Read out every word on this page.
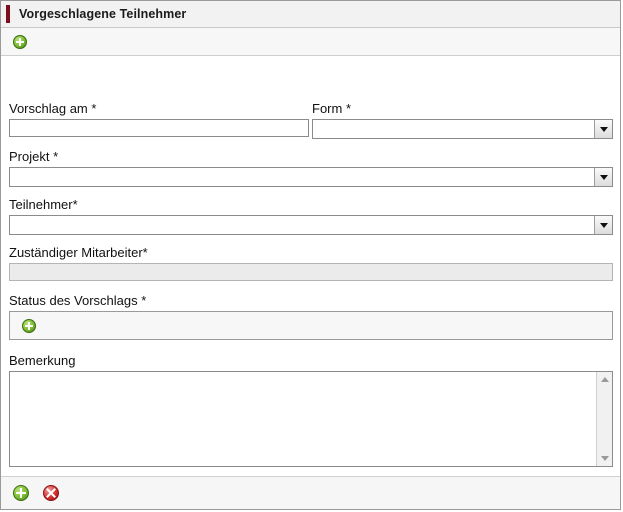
Vorgeschlagene Teilnehmer
Vorschlag am *	Form *
Projekt *
Teilnehmer*
Zuständiger Mitarbeiter*
Status des Vorschlags *
Bemerkung
